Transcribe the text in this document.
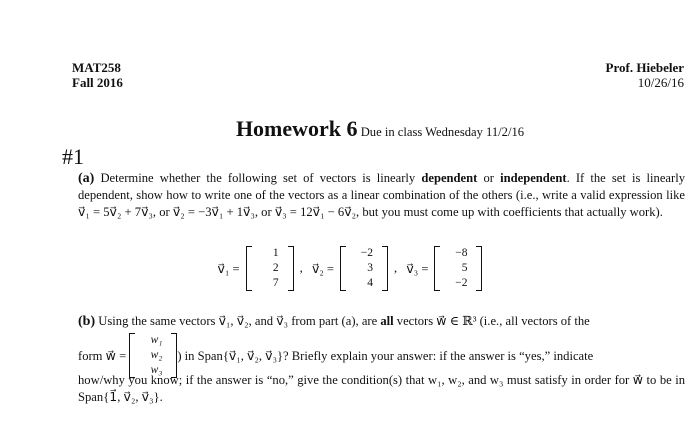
MAT258
Fall 2016
Prof. Hiebeler
10/26/16
Homework 6 Due in class Wednesday 11/2/16
#1
(a) Determine whether the following set of vectors is linearly dependent or independent. If the set is linearly dependent, show how to write one of the vectors as a linear combination of the others (i.e., write a valid expression like v⃗₁ = 5v⃗₂ + 7v⃗₃, or v⃗₂ = −3v⃗₁ + 1v⃗₃, or v⃗₃ = 12v⃗₁ − 6v⃗₂, but you must come up with coefficients that actually work).
v⃗₁ =
1
2
7
, v⃗₂ =
−2
3
4
, v⃗₃ =
−8
5
−2
(b) Using the same vectors v⃗₁, v⃗₂, and v⃗₃ from part (a), are all vectors w⃗ ∈ ℝ³ (i.e., all vectors of the
form w⃗ =

w₁
w₂
w₃
) in Span{v⃗₁, v⃗₂, v⃗₃}? Briefly explain your answer: if the answer is “yes,” indicate
how/why you know; if the answer is “no,” give the condition(s) that w₁, w₂, and w₃ must satisfy in order for w⃗ to be in Span{1⃗, v⃗₂, v⃗₃}.
